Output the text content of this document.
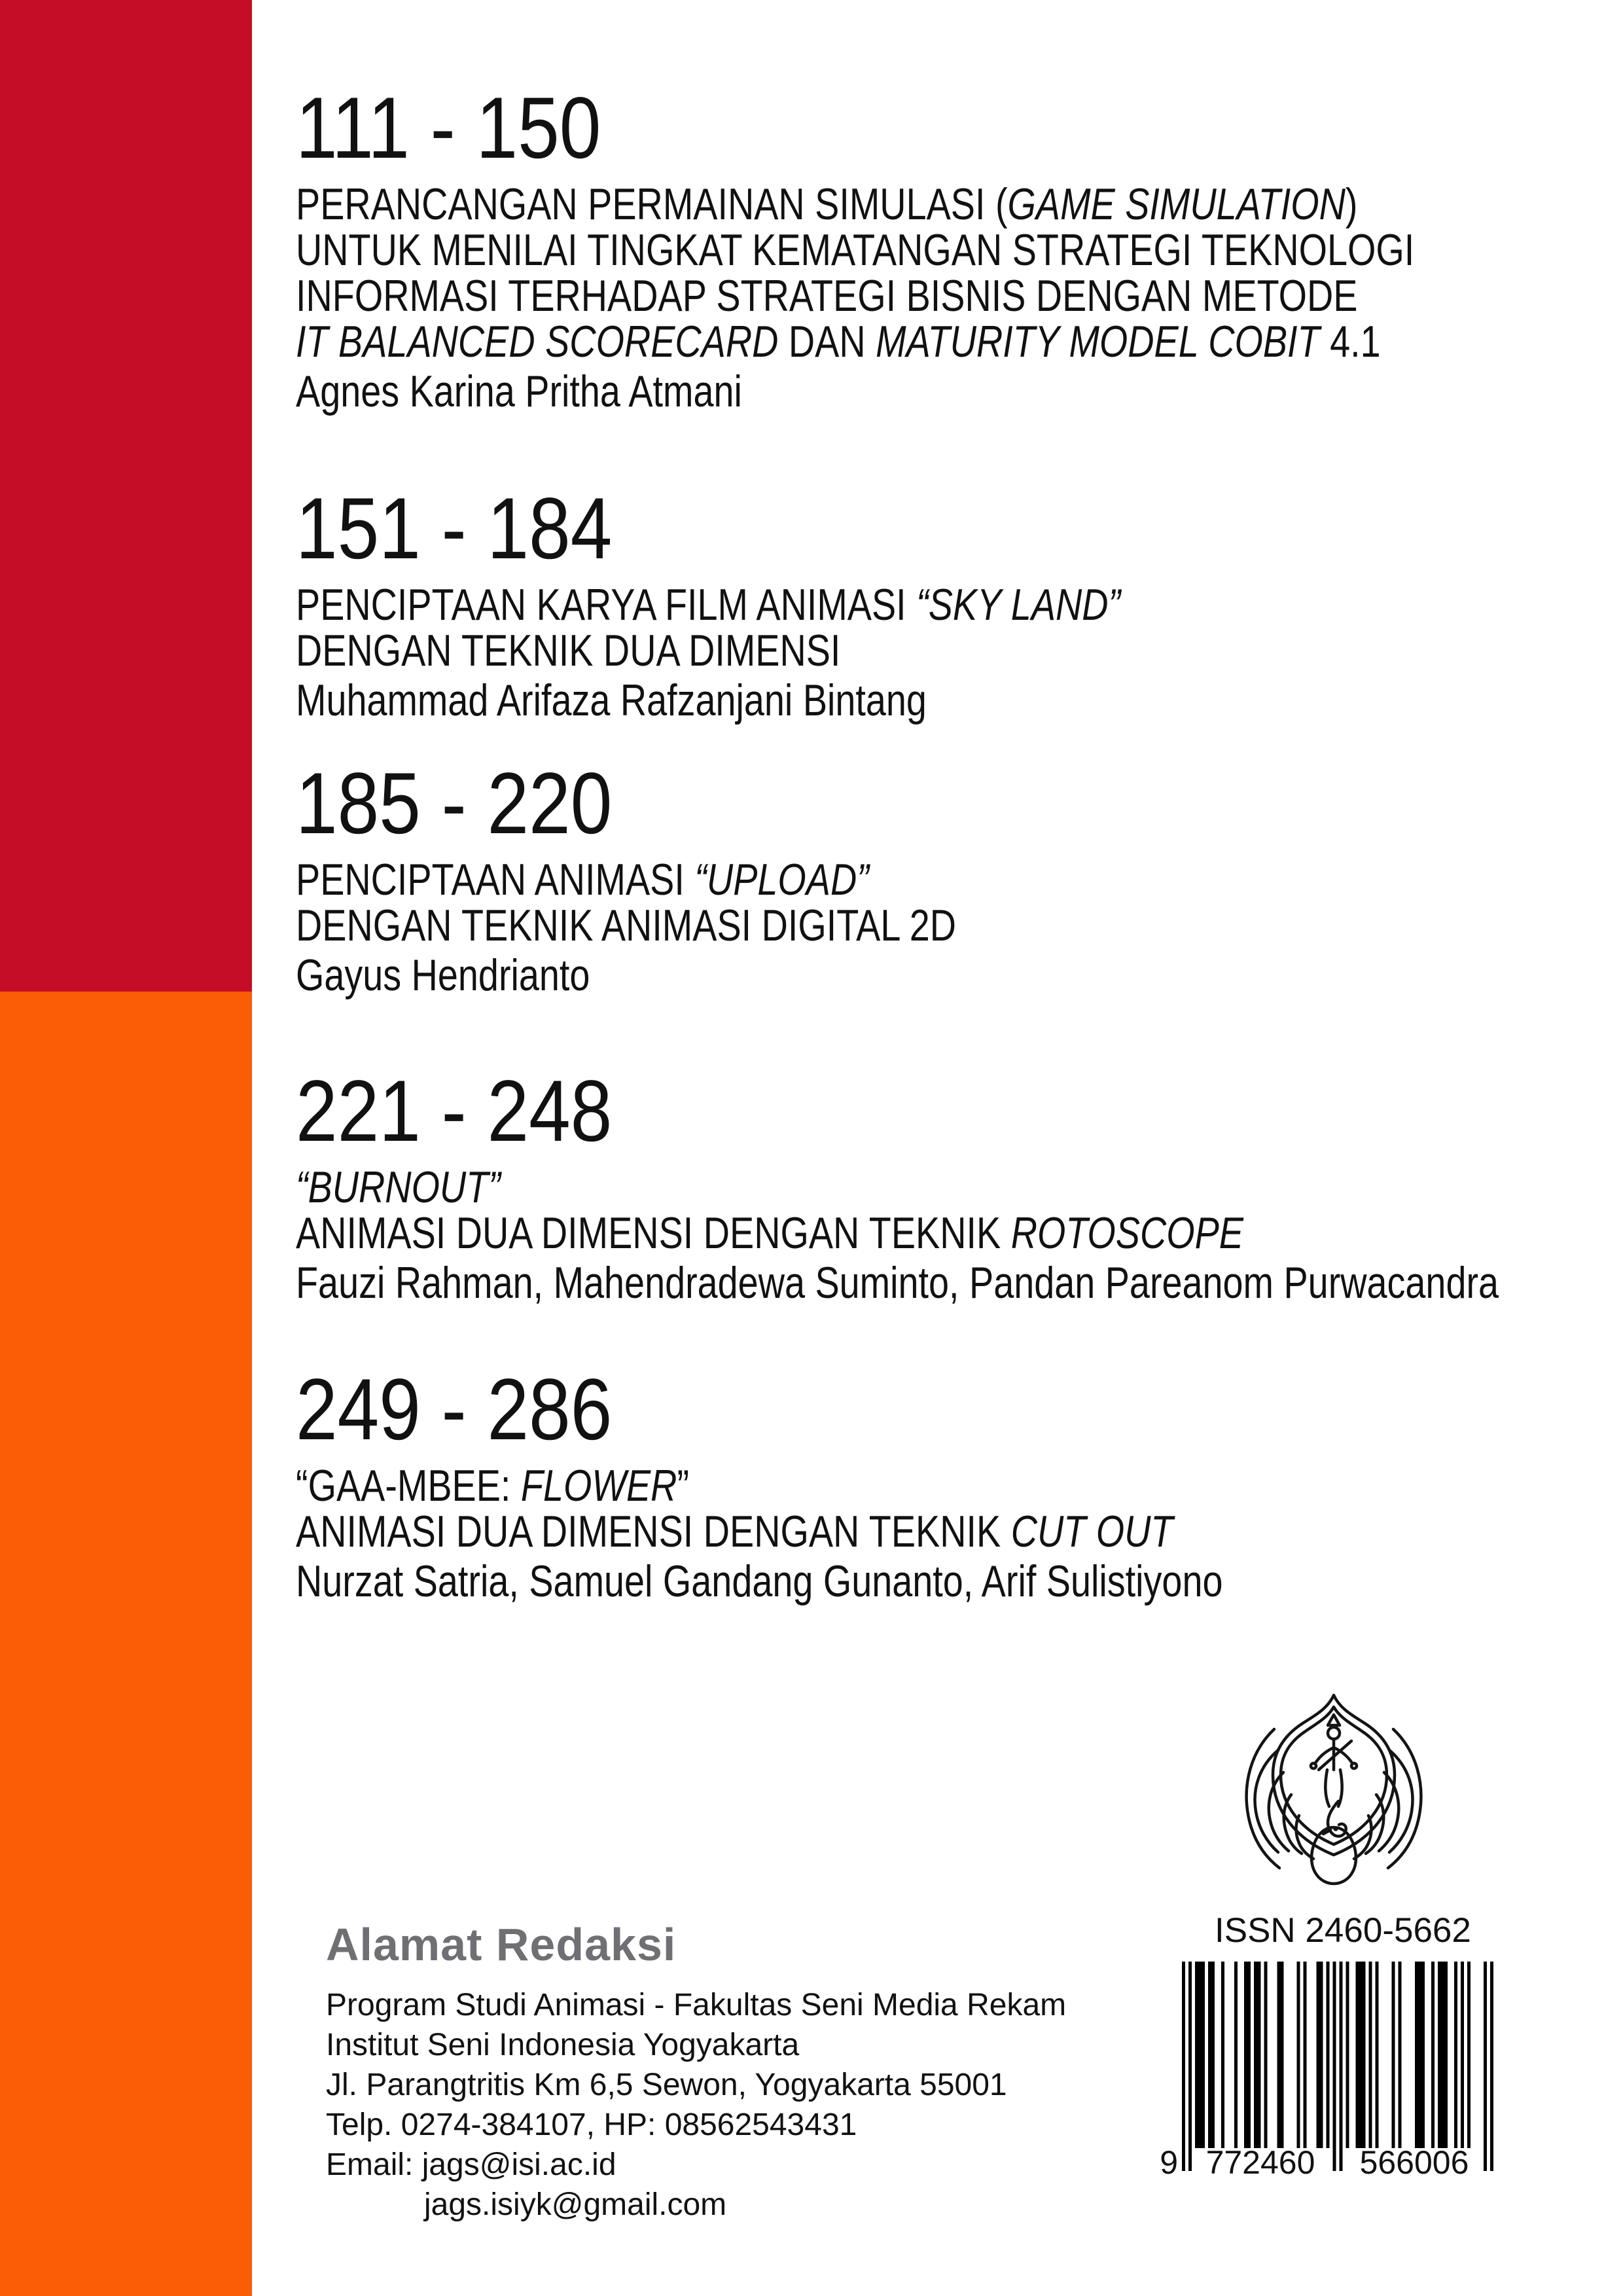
111 - 150
PERANCANGAN PERMAINAN SIMULASI (GAME SIMULATION)
UNTUK MENILAI TINGKAT KEMATANGAN STRATEGI TEKNOLOGI
INFORMASI TERHADAP STRATEGI BISNIS DENGAN METODE
IT BALANCED SCORECARD DAN MATURITY MODEL COBIT 4.1
Agnes Karina Pritha Atmani
151 - 184
PENCIPTAAN KARYA FILM ANIMASI “SKY LAND”
DENGAN TEKNIK DUA DIMENSI
Muhammad Arifaza Rafzanjani Bintang
185 - 220
PENCIPTAAN ANIMASI “UPLOAD”
DENGAN TEKNIK ANIMASI DIGITAL 2D
Gayus Hendrianto
221 - 248
“BURNOUT”
ANIMASI DUA DIMENSI DENGAN TEKNIK ROTOSCOPE
Fauzi Rahman, Mahendradewa Suminto, Pandan Pareanom Purwacandra
249 - 286
“GAA-MBEE: FLOWER”
ANIMASI DUA DIMENSI DENGAN TEKNIK CUT OUT
Nurzat Satria, Samuel Gandang Gunanto, Arif Sulistiyono
Alamat Redaksi
Program Studi Animasi - Fakultas Seni Media Rekam
Institut Seni Indonesia Yogyakarta
Jl. Parangtritis Km 6,5 Sewon, Yogyakarta 55001
Telp. 0274-384107, HP: 08562543431
Email: jags@isi.ac.id
jags.isiyk@gmail.com
ISSN 2460-5662
9 772460	566006
